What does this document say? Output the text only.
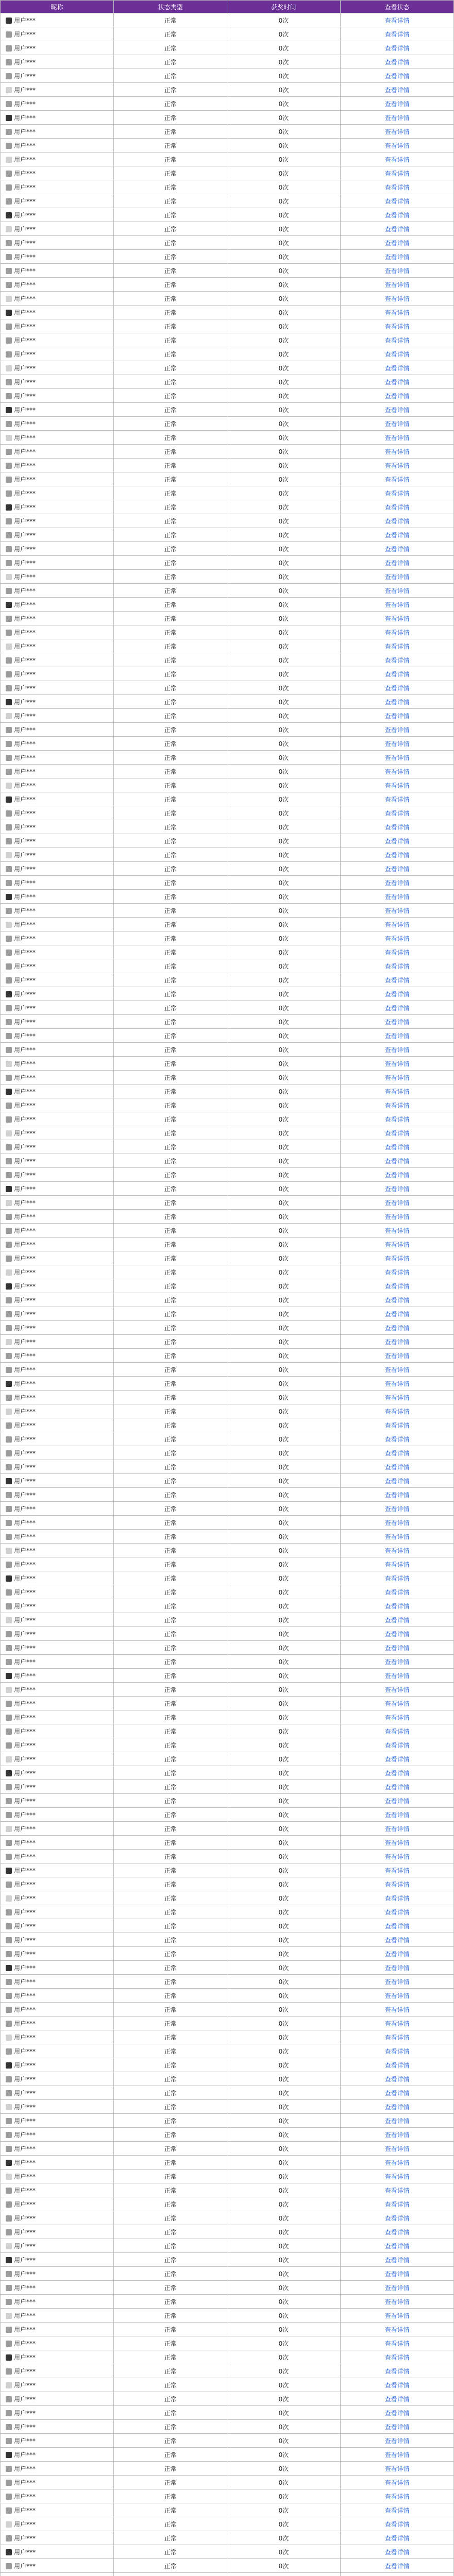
昵称	状态类型	获奖时间	查看状态
用户***	正常	0次	查看详情
用户***	正常	0次	查看详情
用户***	正常	0次	查看详情
用户***	正常	0次	查看详情
用户***	正常	0次	查看详情
用户***	正常	0次	查看详情
用户***	正常	0次	查看详情
用户***	正常	0次	查看详情
用户***	正常	0次	查看详情
用户***	正常	0次	查看详情
用户***	正常	0次	查看详情
用户***	正常	0次	查看详情
用户***	正常	0次	查看详情
用户***	正常	0次	查看详情
用户***	正常	0次	查看详情
用户***	正常	0次	查看详情
用户***	正常	0次	查看详情
用户***	正常	0次	查看详情
用户***	正常	0次	查看详情
用户***	正常	0次	查看详情
用户***	正常	0次	查看详情
用户***	正常	0次	查看详情
用户***	正常	0次	查看详情
用户***	正常	0次	查看详情
用户***	正常	0次	查看详情
用户***	正常	0次	查看详情
用户***	正常	0次	查看详情
用户***	正常	0次	查看详情
用户***	正常	0次	查看详情
用户***	正常	0次	查看详情
用户***	正常	0次	查看详情
用户***	正常	0次	查看详情
用户***	正常	0次	查看详情
用户***	正常	0次	查看详情
用户***	正常	0次	查看详情
用户***	正常	0次	查看详情
用户***	正常	0次	查看详情
用户***	正常	0次	查看详情
用户***	正常	0次	查看详情
用户***	正常	0次	查看详情
用户***	正常	0次	查看详情
用户***	正常	0次	查看详情
用户***	正常	0次	查看详情
用户***	正常	0次	查看详情
用户***	正常	0次	查看详情
用户***	正常	0次	查看详情
用户***	正常	0次	查看详情
用户***	正常	0次	查看详情
用户***	正常	0次	查看详情
用户***	正常	0次	查看详情
用户***	正常	0次	查看详情
用户***	正常	0次	查看详情
用户***	正常	0次	查看详情
用户***	正常	0次	查看详情
用户***	正常	0次	查看详情
用户***	正常	0次	查看详情
用户***	正常	0次	查看详情
用户***	正常	0次	查看详情
用户***	正常	0次	查看详情
用户***	正常	0次	查看详情
用户***	正常	0次	查看详情
用户***	正常	0次	查看详情
用户***	正常	0次	查看详情
用户***	正常	0次	查看详情
用户***	正常	0次	查看详情
用户***	正常	0次	查看详情
用户***	正常	0次	查看详情
用户***	正常	0次	查看详情
用户***	正常	0次	查看详情
用户***	正常	0次	查看详情
用户***	正常	0次	查看详情
用户***	正常	0次	查看详情
用户***	正常	0次	查看详情
用户***	正常	0次	查看详情
用户***	正常	0次	查看详情
用户***	正常	0次	查看详情
用户***	正常	0次	查看详情
用户***	正常	0次	查看详情
用户***	正常	0次	查看详情
用户***	正常	0次	查看详情
用户***	正常	0次	查看详情
用户***	正常	0次	查看详情
用户***	正常	0次	查看详情
用户***	正常	0次	查看详情
用户***	正常	0次	查看详情
用户***	正常	0次	查看详情
用户***	正常	0次	查看详情
用户***	正常	0次	查看详情
用户***	正常	0次	查看详情
用户***	正常	0次	查看详情
用户***	正常	0次	查看详情
用户***	正常	0次	查看详情
用户***	正常	0次	查看详情
用户***	正常	0次	查看详情
用户***	正常	0次	查看详情
用户***	正常	0次	查看详情
用户***	正常	0次	查看详情
用户***	正常	0次	查看详情
用户***	正常	0次	查看详情
用户***	正常	0次	查看详情
用户***	正常	0次	查看详情
用户***	正常	0次	查看详情
用户***	正常	0次	查看详情
用户***	正常	0次	查看详情
用户***	正常	0次	查看详情
用户***	正常	0次	查看详情
用户***	正常	0次	查看详情
用户***	正常	0次	查看详情
用户***	正常	0次	查看详情
用户***	正常	0次	查看详情
用户***	正常	0次	查看详情
用户***	正常	0次	查看详情
用户***	正常	0次	查看详情
用户***	正常	0次	查看详情
用户***	正常	0次	查看详情
用户***	正常	0次	查看详情
用户***	正常	0次	查看详情
用户***	正常	0次	查看详情
用户***	正常	0次	查看详情
用户***	正常	0次	查看详情
用户***	正常	0次	查看详情
用户***	正常	0次	查看详情
用户***	正常	0次	查看详情
用户***	正常	0次	查看详情
用户***	正常	0次	查看详情
用户***	正常	0次	查看详情
用户***	正常	0次	查看详情
用户***	正常	0次	查看详情
用户***	正常	0次	查看详情
用户***	正常	0次	查看详情
用户***	正常	0次	查看详情
用户***	正常	0次	查看详情
用户***	正常	0次	查看详情
用户***	正常	0次	查看详情
用户***	正常	0次	查看详情
用户***	正常	0次	查看详情
用户***	正常	0次	查看详情
用户***	正常	0次	查看详情
用户***	正常	0次	查看详情
用户***	正常	0次	查看详情
用户***	正常	0次	查看详情
用户***	正常	0次	查看详情
用户***	正常	0次	查看详情
用户***	正常	0次	查看详情
用户***	正常	0次	查看详情
用户***	正常	0次	查看详情
用户***	正常	0次	查看详情
用户***	正常	0次	查看详情
用户***	正常	0次	查看详情
用户***	正常	0次	查看详情
用户***	正常	0次	查看详情
用户***	正常	0次	查看详情
用户***	正常	0次	查看详情
用户***	正常	0次	查看详情
用户***	正常	0次	查看详情
用户***	正常	0次	查看详情
用户***	正常	0次	查看详情
用户***	正常	0次	查看详情
用户***	正常	0次	查看详情
用户***	正常	0次	查看详情
用户***	正常	0次	查看详情
用户***	正常	0次	查看详情
用户***	正常	0次	查看详情
用户***	正常	0次	查看详情
用户***	正常	0次	查看详情
用户***	正常	0次	查看详情
用户***	正常	0次	查看详情
用户***	正常	0次	查看详情
用户***	正常	0次	查看详情
用户***	正常	0次	查看详情
用户***	正常	0次	查看详情
用户***	正常	0次	查看详情
用户***	正常	0次	查看详情
用户***	正常	0次	查看详情
用户***	正常	0次	查看详情
用户***	正常	0次	查看详情
用户***	正常	0次	查看详情
用户***	正常	0次	查看详情
用户***	正常	0次	查看详情
用户***	正常	0次	查看详情
用户***	正常	0次	查看详情
用户***	正常	0次	查看详情
用户***	正常	0次	查看详情
用户***	正常	0次	查看详情
